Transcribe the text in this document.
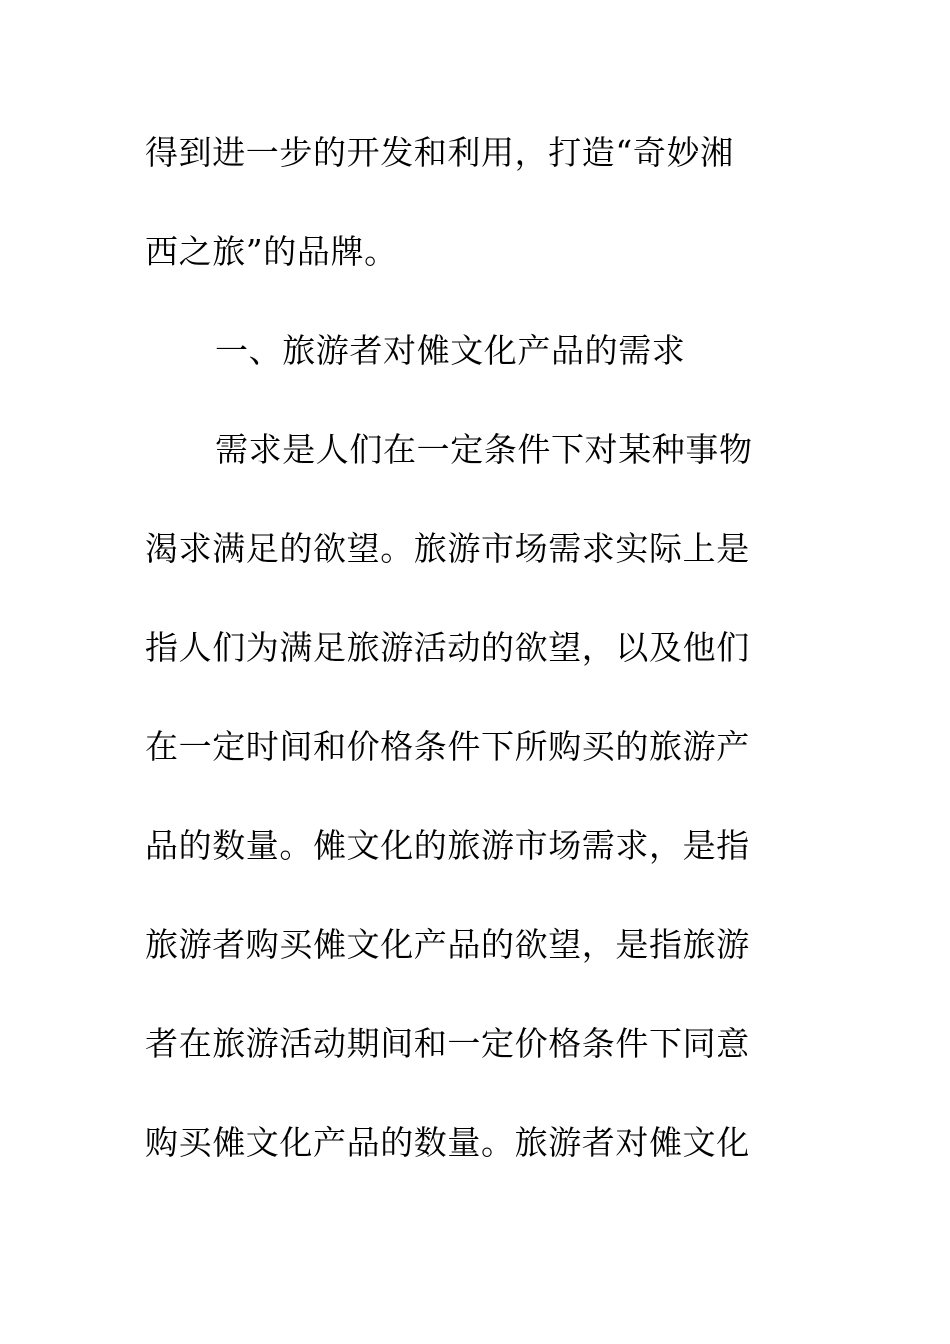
得到进一步的开发和利用，打造“奇妙湘
西之旅”的品牌。
一、旅游者对傩文化产品的需求
需求是人们在一定条件下对某种事物
渴求满足的欲望。旅游市场需求实际上是
指人们为满足旅游活动的欲望，以及他们
在一定时间和价格条件下所购买的旅游产
品的数量。傩文化的旅游市场需求，是指
旅游者购买傩文化产品的欲望，是指旅游
者在旅游活动期间和一定价格条件下同意
购买傩文化产品的数量。旅游者对傩文化
